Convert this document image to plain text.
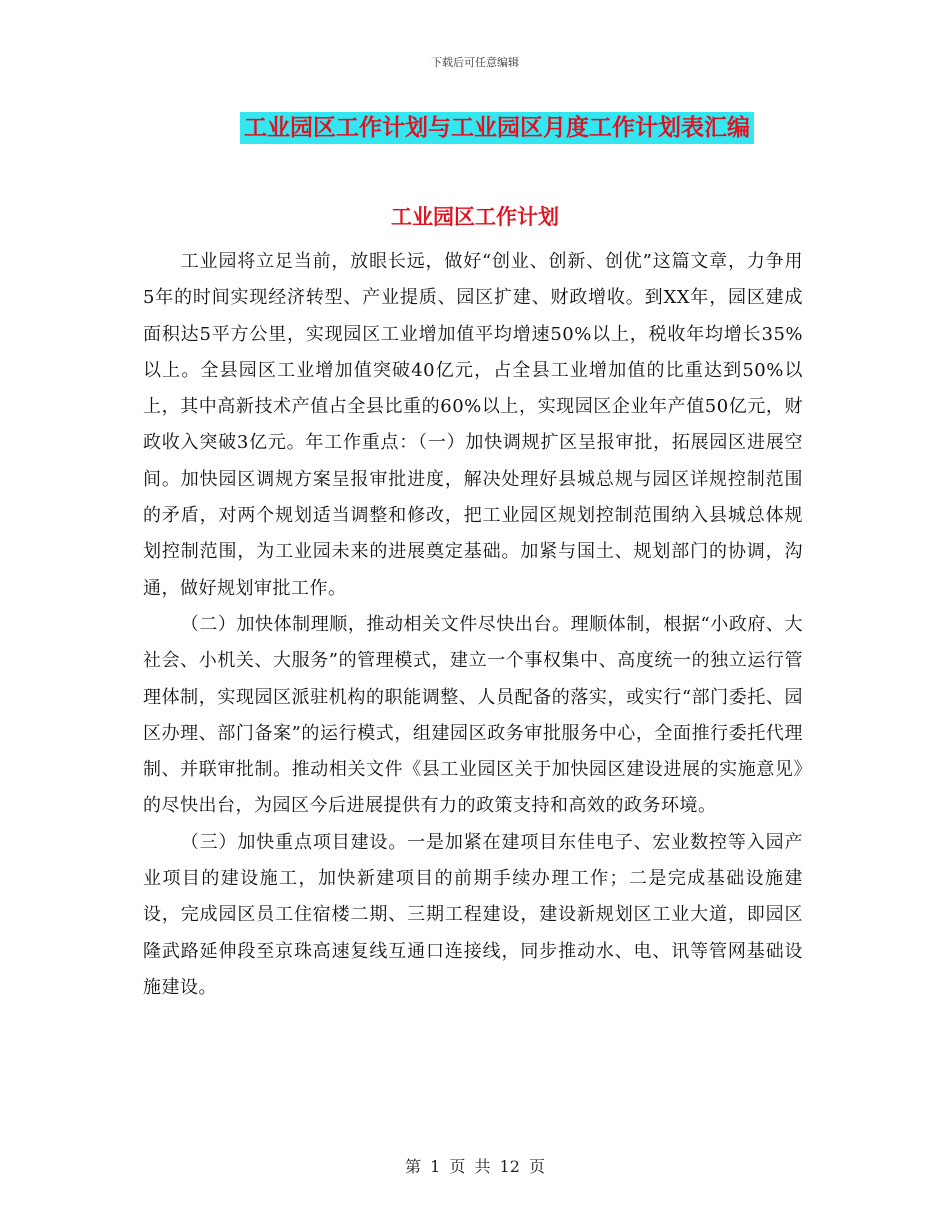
下载后可任意编辑
工业园区工作计划与工业园区月度工作计划表汇编
工业园区工作计划

工业园将立足当前，放眼长远，做好“创业、创新、创优”这篇文章，力争用5年的时间实现经济转型、产业提质、园区扩建、财政增收。到XX年，园区建成面积达5平方公里，实现园区工业增加值平均增速50%以上，税收年均增长35%以上。全县园区工业增加值突破40亿元，占全县工业增加值的比重达到50%以上，其中高新技术产值占全县比重的60%以上，实现园区企业年产值50亿元，财政收入突破3亿元。年工作重点：（一）加快调规扩区呈报审批，拓展园区进展空间。加快园区调规方案呈报审批进度，解决处理好县城总规与园区详规控制范围的矛盾，对两个规划适当调整和修改，把工业园区规划控制范围纳入县城总体规划控制范围，为工业园未来的进展奠定基础。加紧与国土、规划部门的协调，沟通，做好规划审批工作。

（二）加快体制理顺，推动相关文件尽快出台。理顺体制，根据“小政府、大社会、小机关、大服务”的管理模式，建立一个事权集中、高度统一的独立运行管理体制，实现园区派驻机构的职能调整、人员配备的落实，或实行“部门委托、园区办理、部门备案”的运行模式，组建园区政务审批服务中心，全面推行委托代理制、并联审批制。推动相关文件《县工业园区关于加快园区建设进展的实施意见》的尽快出台，为园区今后进展提供有力的政策支持和高效的政务环境。

（三）加快重点项目建设。一是加紧在建项目东佳电子、宏业数控等入园产业项目的建设施工，加快新建项目的前期手续办理工作；二是完成基础设施建设，完成园区员工住宿楼二期、三期工程建设，建设新规划区工业大道，即园区隆武路延伸段至京珠高速复线互通口连接线，同步推动水、电、讯等管网基础设施建设。

第 1 页 共 12 页
